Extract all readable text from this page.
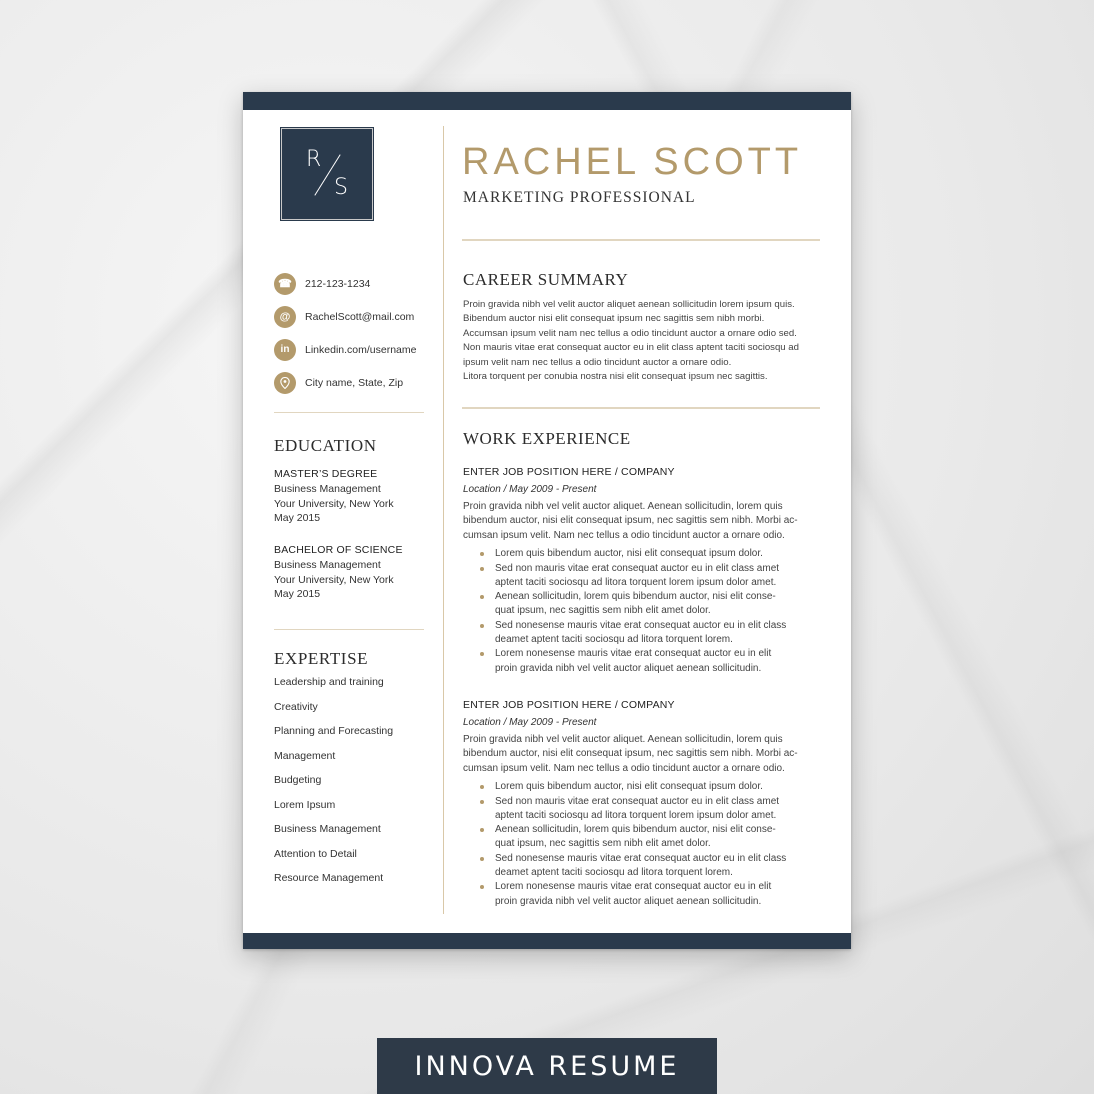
R
S
☎	212-123-1234
@	RachelScott@mail.com
in	Linkedin.com/username
City name, State, Zip
EDUCATION
MASTER’S DEGREE
Business Management
Your University, New York
May 2015
BACHELOR OF SCIENCE
Business Management
Your University, New York
May 2015
EXPERTISE
Leadership and training
Creativity
Planning and Forecasting
Management
Budgeting
Lorem Ipsum
Business Management
Attention to Detail
Resource Management
RACHEL SCOTT
MARKETING PROFESSIONAL
CAREER SUMMARY
Proin gravida nibh vel velit auctor aliquet aenean sollicitudin lorem ipsum quis.
Bibendum auctor nisi elit consequat ipsum nec sagittis sem nibh morbi.
Accumsan ipsum velit nam nec tellus a odio tincidunt auctor a ornare odio sed.
Non mauris vitae erat consequat auctor eu in elit class aptent taciti sociosqu ad
ipsum velit nam nec tellus a odio tincidunt auctor a ornare odio.
Litora torquent per conubia nostra nisi elit consequat ipsum nec sagittis.
WORK EXPERIENCE
ENTER JOB POSITION HERE / COMPANY
Location / May 2009 - Present
Proin gravida nibh vel velit auctor aliquet. Aenean sollicitudin, lorem quis
bibendum auctor, nisi elit consequat ipsum, nec sagittis sem nibh. Morbi ac-
cumsan ipsum velit. Nam nec tellus a odio tincidunt auctor a ornare odio.
Lorem quis bibendum auctor, nisi elit consequat ipsum dolor.
Sed non mauris vitae erat consequat auctor eu in elit class amet
aptent taciti sociosqu ad litora torquent lorem ipsum dolor amet.
Aenean sollicitudin, lorem quis bibendum auctor, nisi elit conse-
quat ipsum, nec sagittis sem nibh elit amet dolor.
Sed nonesense mauris vitae erat consequat auctor eu in elit class
deamet aptent taciti sociosqu ad litora torquent lorem.
Lorem nonesense mauris vitae erat consequat auctor eu in elit
proin gravida nibh vel velit auctor aliquet aenean sollicitudin.
ENTER JOB POSITION HERE / COMPANY
Location / May 2009 - Present
Proin gravida nibh vel velit auctor aliquet. Aenean sollicitudin, lorem quis
bibendum auctor, nisi elit consequat ipsum, nec sagittis sem nibh. Morbi ac-
cumsan ipsum velit. Nam nec tellus a odio tincidunt auctor a ornare odio.
Lorem quis bibendum auctor, nisi elit consequat ipsum dolor.
Sed non mauris vitae erat consequat auctor eu in elit class amet
aptent taciti sociosqu ad litora torquent lorem ipsum dolor amet.
Aenean sollicitudin, lorem quis bibendum auctor, nisi elit conse-
quat ipsum, nec sagittis sem nibh elit amet dolor.
Sed nonesense mauris vitae erat consequat auctor eu in elit class
deamet aptent taciti sociosqu ad litora torquent lorem.
Lorem nonesense mauris vitae erat consequat auctor eu in elit
proin gravida nibh vel velit auctor aliquet aenean sollicitudin.
INNOVA RESUME
